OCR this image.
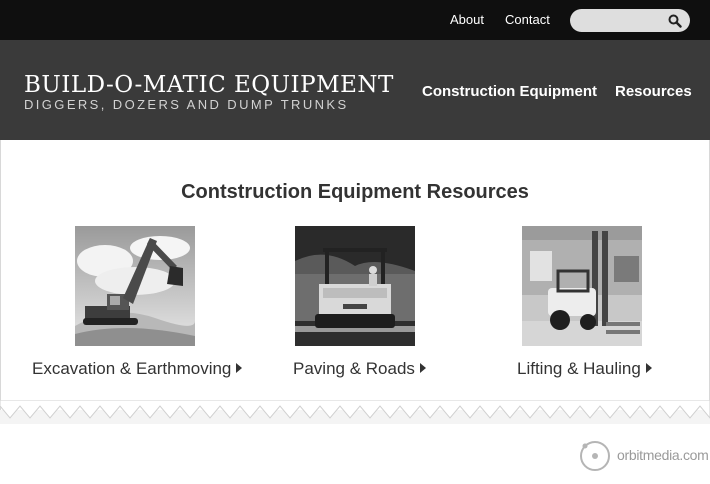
About Contact
BUILD-O-MATIC EQUIPMENT
DIGGERS, DOZERS AND DUMP TRUNKS
Construction Equipment Resources
Contstruction Equipment Resources
Excavation & Earthmoving	Paving & Roads	Lifting & Hauling
orbitmedia.com
